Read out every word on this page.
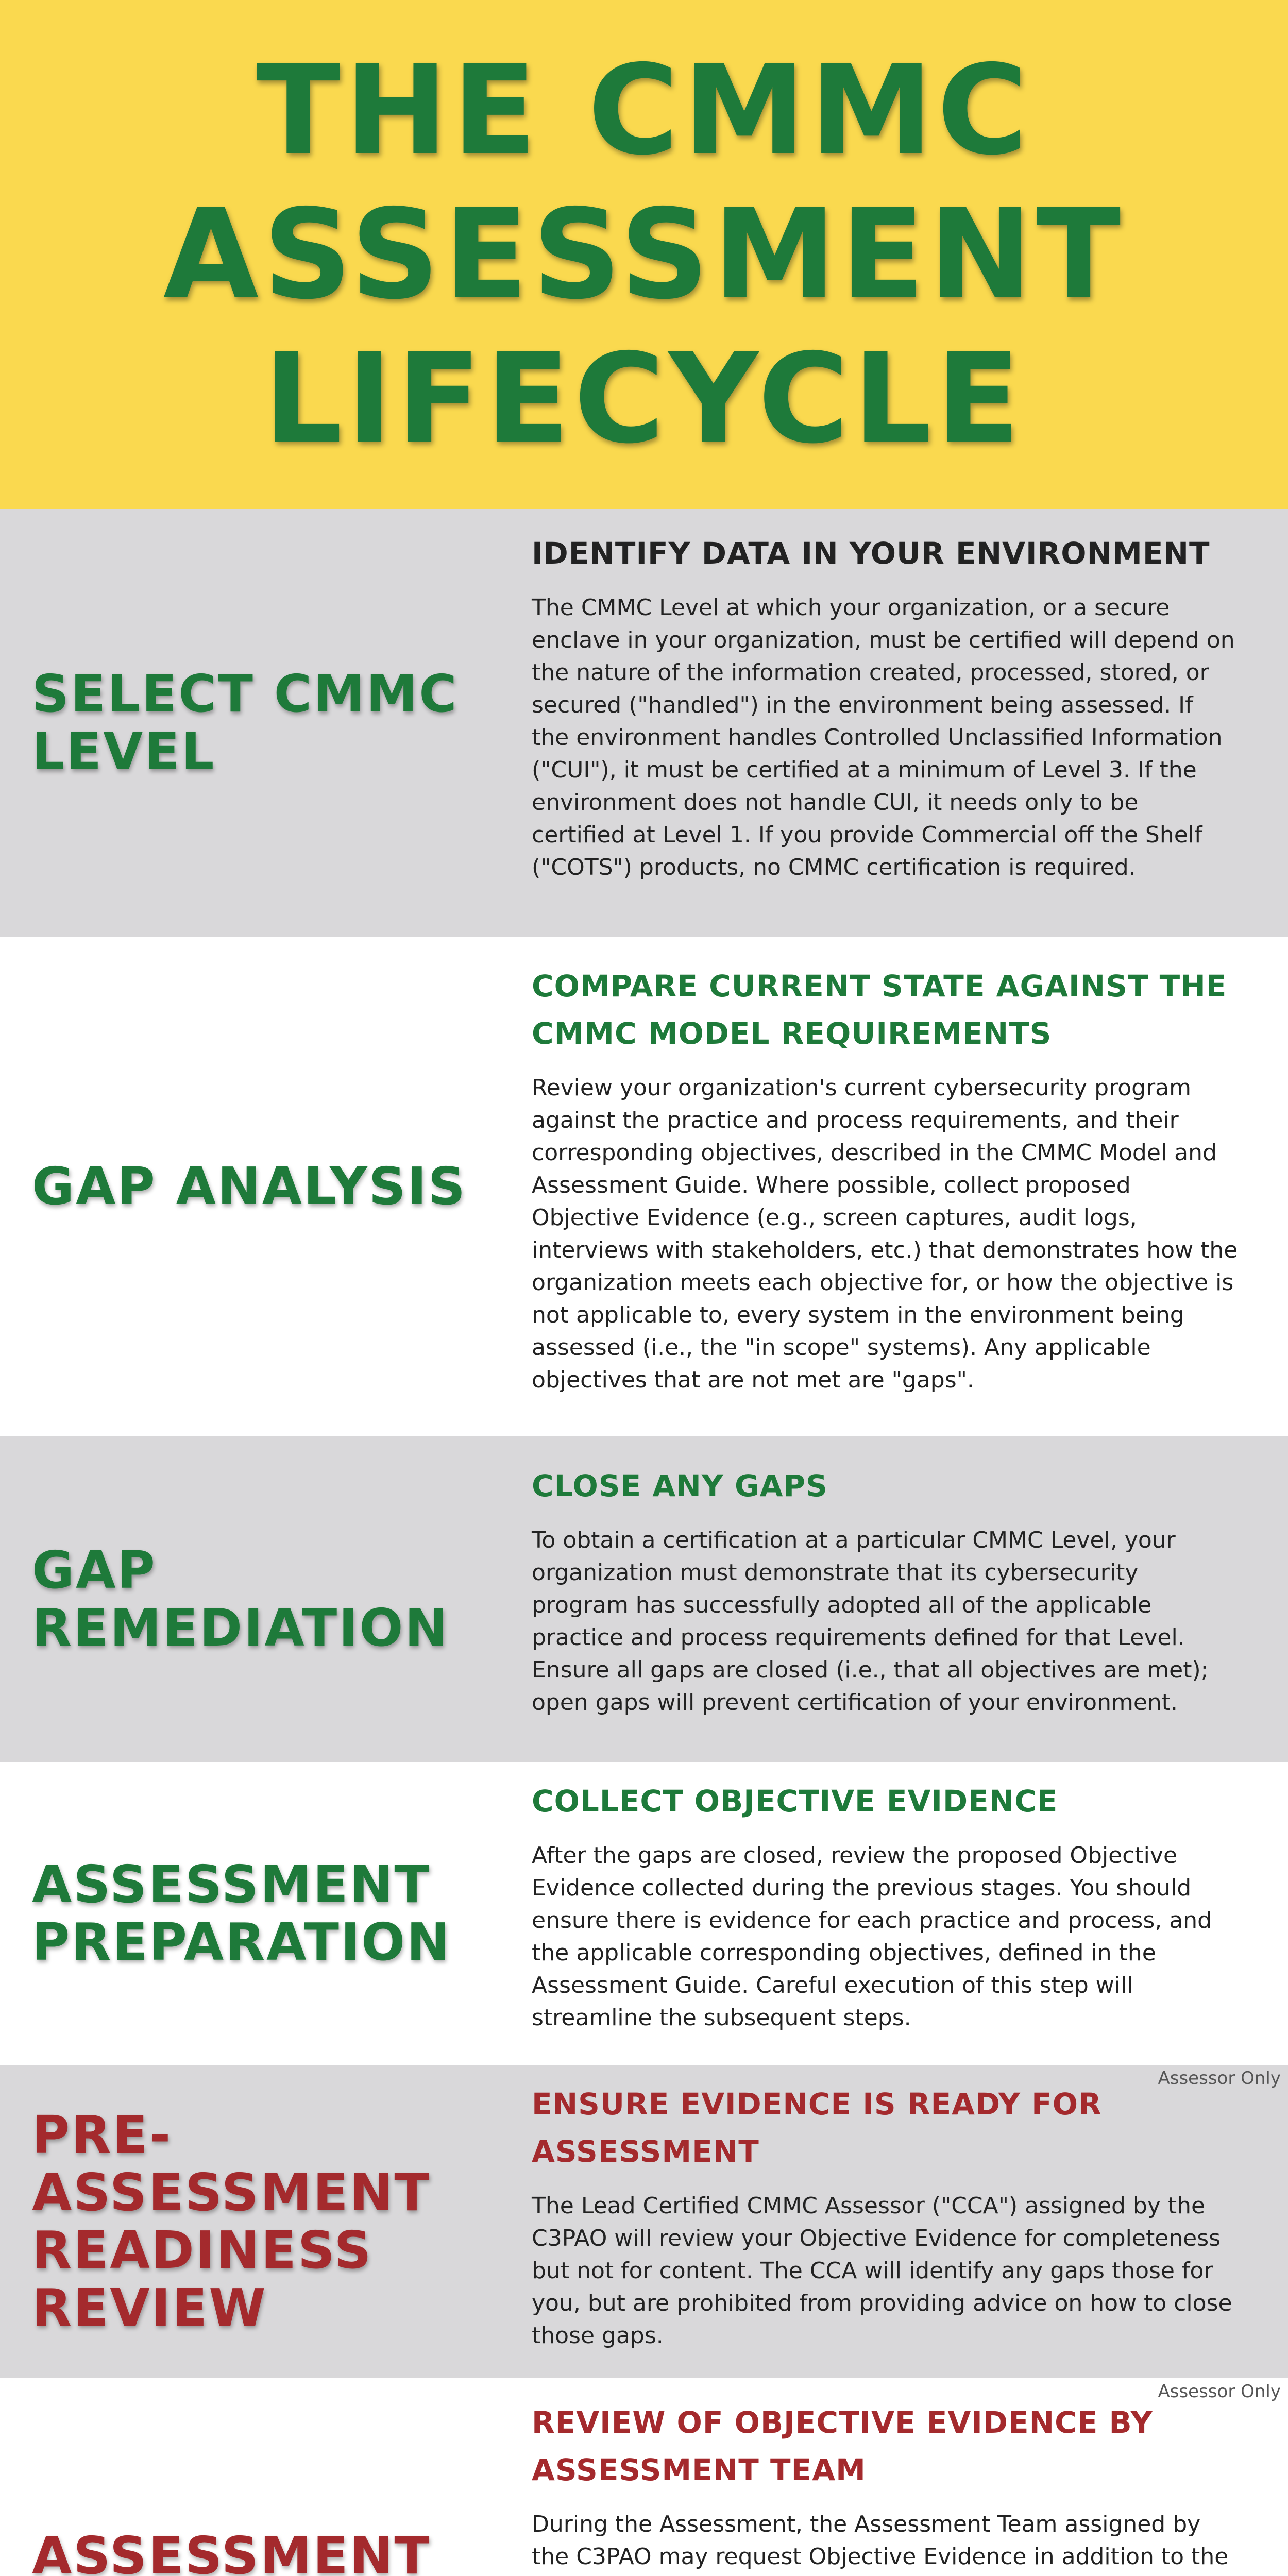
THE CMMC
ASSESSMENT
LIFECYCLE
SELECT CMMC
LEVEL
IDENTIFY DATA IN YOUR ENVIRONMENT
The CMMC Level at which your organization, or a secure
enclave in your organization, must be certified will depend on
the nature of the information created, processed, stored, or
secured ("handled") in the environment being assessed. If
the environment handles Controlled Unclassified Information
("CUI"), it must be certified at a minimum of Level 3. If the
environment does not handle CUI, it needs only to be
certified at Level 1. If you provide Commercial off the Shelf
("COTS") products, no CMMC certification is required.
GAP ANALYSIS
COMPARE CURRENT STATE AGAINST THE
CMMC MODEL REQUIREMENTS
Review your organization's current cybersecurity program
against the practice and process requirements, and their
corresponding objectives, described in the CMMC Model and
Assessment Guide. Where possible, collect proposed
Objective Evidence (e.g., screen captures, audit logs,
interviews with stakeholders, etc.) that demonstrates how the
organization meets each objective for, or how the objective is
not applicable to, every system in the environment being
assessed (i.e., the "in scope" systems). Any applicable
objectives that are not met are "gaps".
GAP
REMEDIATION
CLOSE ANY GAPS
To obtain a certification at a particular CMMC Level, your
organization must demonstrate that its cybersecurity
program has successfully adopted all of the applicable
practice and process requirements defined for that Level.
Ensure all gaps are closed (i.e., that all objectives are met);
open gaps will prevent certification of your environment.
ASSESSMENT
PREPARATION
COLLECT OBJECTIVE EVIDENCE
After the gaps are closed, review the proposed Objective
Evidence collected during the previous stages. You should
ensure there is evidence for each practice and process, and
the applicable corresponding objectives, defined in the
Assessment Guide. Careful execution of this step will
streamline the subsequent steps.
Assessor Only
PRE-
ASSESSMENT
READINESS
REVIEW
ENSURE EVIDENCE IS READY FOR
ASSESSMENT
The Lead Certified CMMC Assessor ("CCA") assigned by the
C3PAO will review your Objective Evidence for completeness
but not for content. The CCA will identify any gaps those for
you, but are prohibited from providing advice on how to close
those gaps.
Assessor Only
ASSESSMENT
REVIEW OF OBJECTIVE EVIDENCE BY
ASSESSMENT TEAM
During the Assessment, the Assessment Team assigned by
the C3PAO may request Objective Evidence in addition to the
